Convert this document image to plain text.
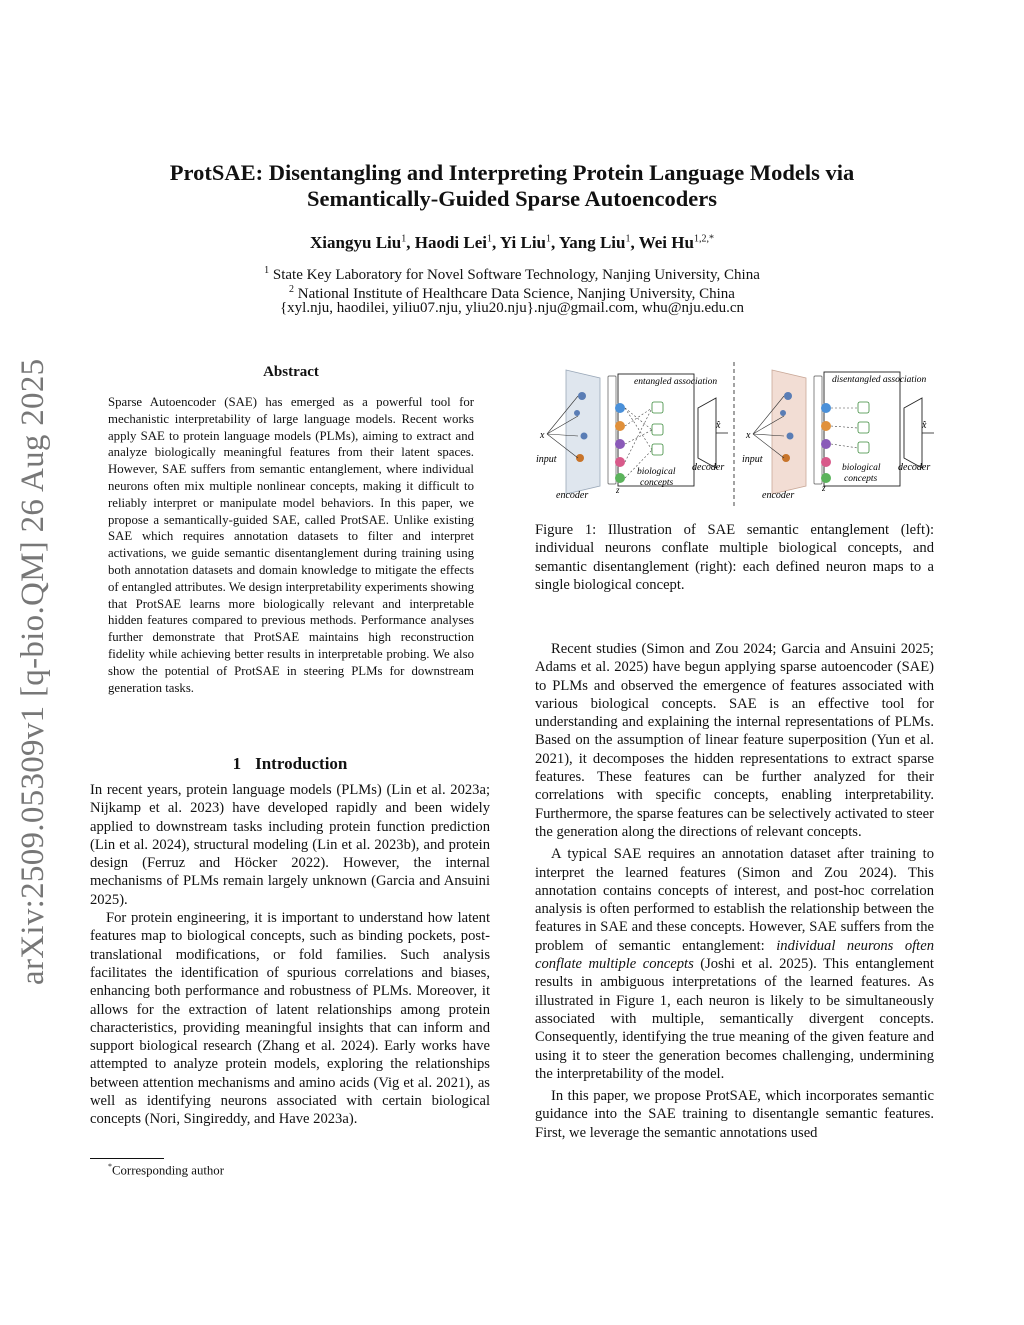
arXiv:2509.05309v1 [q-bio.QM] 26 Aug 2025
ProtSAE: Disentangling and Interpreting Protein Language Models via
Semantically-Guided Sparse Autoencoders
Xiangyu Liu$^1$, Haodi Lei$^1$, Yi Liu$^1$, Yang Liu$^1$, Wei $Hu^{1,2,*}$
$^1$ State Key Laboratory for Novel Software Technology, Nanjing University, China
$^2$ National Institute of Healthcare Data Science, Nanjing University, China
{xyl.nju, haodilei, yiliu07.nju, yliu20.nju}.nju@gmail.com, whu@nju.edu.cn
Abstract
Sparse Autoencoder (SAE) has emerged as a powerful tool for mechanistic interpretability of large language models. Recent works apply SAE to protein language models (PLMs), aiming to extract and analyze biologically meaningful features from their latent spaces. However, SAE suffers from semantic entanglement, where individual neurons often mix multiple nonlinear concepts, making it difficult to reliably interpret or manipulate model behaviors. In this paper, we propose a semantically-guided SAE, called ProtSAE. Unlike existing SAE which requires annotation datasets to filter and interpret activations, we guide semantic disentanglement during training using both annotation datasets and domain knowledge to mitigate the effects of entangled attributes. We design interpretability experiments showing that ProtSAE learns more biologically relevant and interpretable hidden features compared to previous methods. Performance analyses further demonstrate that ProtSAE maintains high reconstruction fidelity while achieving better results in interpretable probing. We also show the potential of ProtSAE in steering PLMs for downstream generation tasks.
1 Introduction

In recent years, protein language models (PLMs) (Lin et al. 2023a; Nijkamp et al. 2023) have developed rapidly and been widely applied to downstream tasks including protein function prediction (Lin et al. 2024), structural modeling (Lin et al. 2023b), and protein design (Ferruz and Höcker 2022). However, the internal mechanisms of PLMs remain largely unknown (Garcia and Ansuini 2025).

For protein engineering, it is important to understand how latent features map to biological concepts, such as binding pockets, post-translational modifications, or fold families. Such analysis facilitates the identification of spurious correlations and biases, enhancing both performance and robustness of PLMs. Moreover, it allows for the extraction of latent relationships among protein characteristics, providing meaningful insights that can inform and support biological research (Zhang et al. 2024). Early works have attempted to analyze protein models, exploring the relationships between attention mechanisms and amino acids (Vig et al. 2021), as well as identifying neurons associated with certain biological concepts (Nori, Singireddy, and Have 2023a).

*Corresponding author
x
input
encoder
entangled association
biological
concepts
z
decoder
x̂
x
input
encoder
disentangled association
biological
concepts
z
decoder
x̂
Figure 1: Illustration of SAE semantic entanglement (left): individual neurons conflate multiple biological concepts, and semantic disentanglement (right): each defined neuron maps to a single biological concept.

Recent studies (Simon and Zou 2024; Garcia and Ansuini 2025; Adams et al. 2025) have begun applying sparse autoencoder (SAE) to PLMs and observed the emergence of features associated with various biological concepts. SAE is an effective tool for understanding and explaining the internal representations of PLMs. Based on the assumption of linear feature superposition (Yun et al. 2021), it decomposes the hidden representations to extract sparse features. These features can be further analyzed for their correlations with specific concepts, enabling interpretability. Furthermore, the sparse features can be selectively activated to steer the generation along the directions of relevant concepts.

A typical SAE requires an annotation dataset after training to interpret the learned features (Simon and Zou 2024). This annotation contains concepts of interest, and post-hoc correlation analysis is often performed to establish the relationship between the features in SAE and these concepts. However, SAE suffers from the problem of semantic entanglement: individual neurons often conflate multiple concepts (Joshi et al. 2025). This entanglement results in ambiguous interpretations of the learned features. As illustrated in Figure 1, each neuron is likely to be simultaneously associated with multiple, semantically divergent concepts. Consequently, identifying the true meaning of the given feature and using it to steer the generation becomes challenging, undermining the interpretability of the model.

In this paper, we propose ProtSAE, which incorporates semantic guidance into the SAE training to disentangle semantic features. First, we leverage the semantic annotations used
